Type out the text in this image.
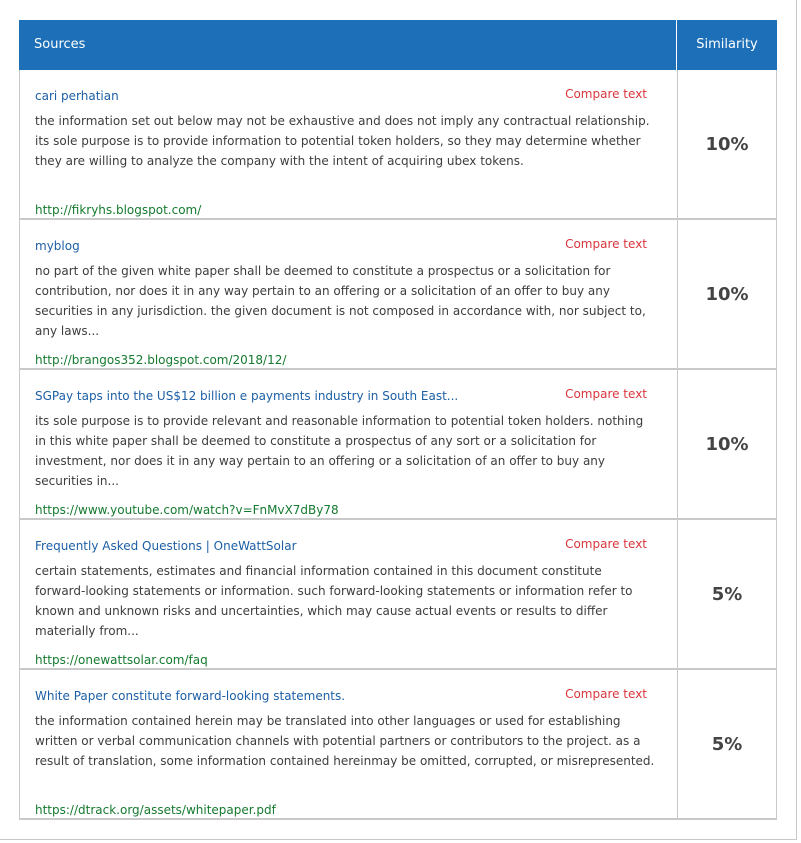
Sources	Similarity
cari perhatian	Compare text
the information set out below may not be exhaustive and does not imply any contractual relationship. its sole purpose is to provide information to potential token holders, so they may determine whether they are willing to analyze the company with the intent of acquiring ubex tokens.
http://fikryhs.blogspot.com/
10%
myblog	Compare text
no part of the given white paper shall be deemed to constitute a prospectus or a solicitation for contribution, nor does it in any way pertain to an offering or a solicitation of an offer to buy any securities in any jurisdiction. the given document is not composed in accordance with, nor subject to, any laws...
http://brangos352.blogspot.com/2018/12/
10%
SGPay taps into the US$12 billion e payments industry in South East...	Compare text
its sole purpose is to provide relevant and reasonable information to potential token holders. nothing in this white paper shall be deemed to constitute a prospectus of any sort or a solicitation for investment, nor does it in any way pertain to an offering or a solicitation of an offer to buy any securities in...
https://www.youtube.com/watch?v=FnMvX7dBy78
10%
Frequently Asked Questions | OneWattSolar	Compare text
certain statements, estimates and financial information contained in this document constitute forward-looking statements or information. such forward-looking statements or information refer to known and unknown risks and uncertainties, which may cause actual events or results to differ materially from...
https://onewattsolar.com/faq
5%
White Paper constitute forward-looking statements.	Compare text
the information contained herein may be translated into other languages or used for establishing written or verbal communication channels with potential partners or contributors to the project. as a result of translation, some information contained hereinmay be omitted, corrupted, or misrepresented.
https://dtrack.org/assets/whitepaper.pdf
5%
